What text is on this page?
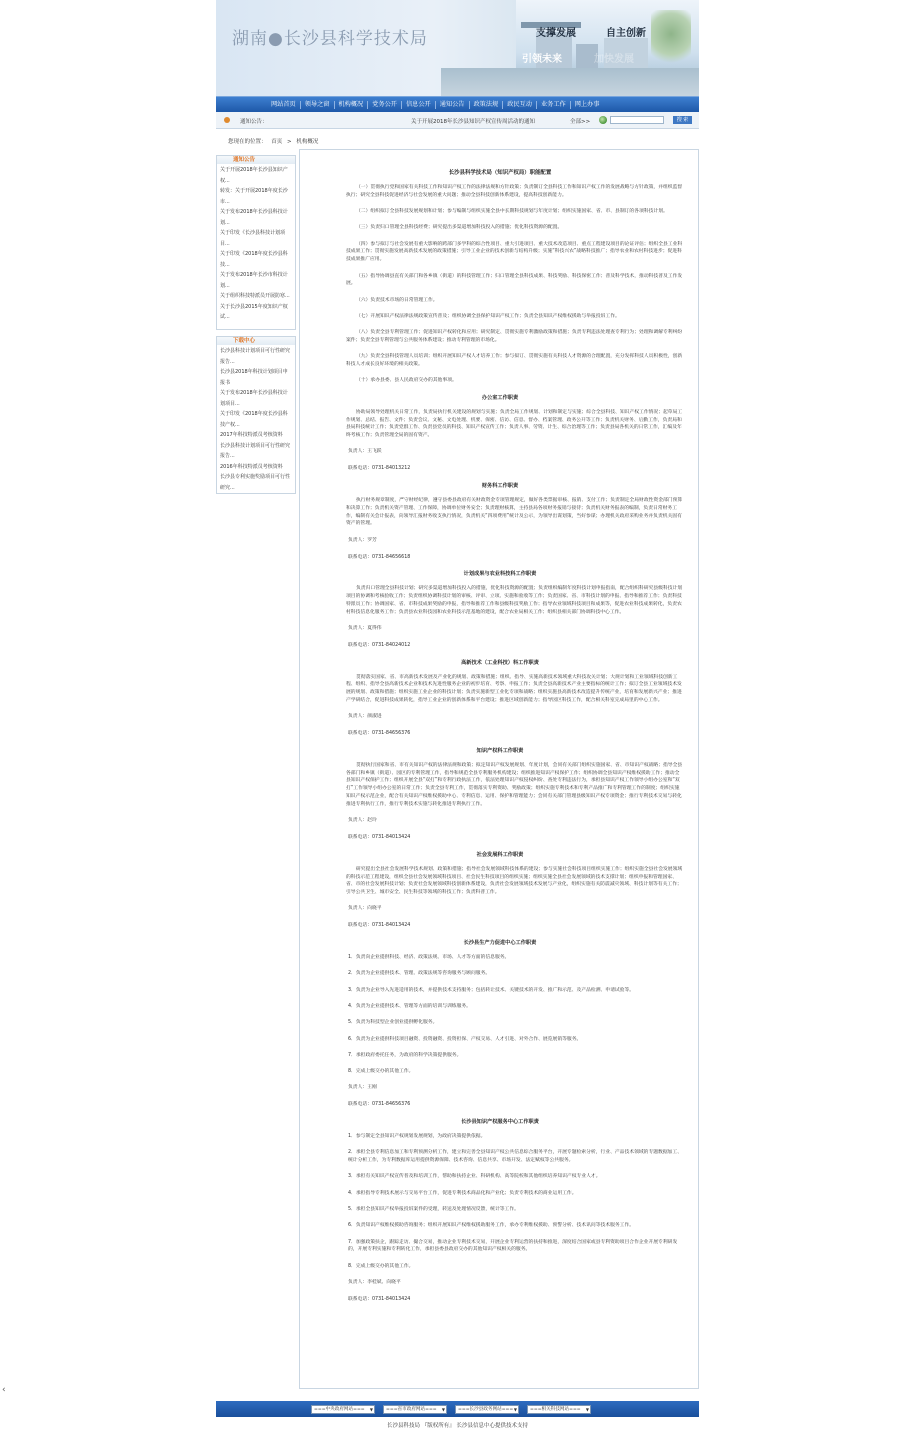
湖南●长沙县科学技术局	支撑发展	自主创新
引领未来	加快发展
网站首页	领导之窗	机构概况	党务公开	信息公开	通知公告	政策法规	政民互动	业务工作	网上办事
通知公告：	关于开展2018年长沙县知识产权宣传周活动的通知	全部>>	搜 索
您现在的位置： 首页 > 机构概况
通知公告
关于开展2018年长沙县知识产权...
转发：关于开展2018年度长沙市...
关于发布2018年长沙县科技计划...
关于印发《长沙县科技计划项目...
关于印发《2018年度长沙县科技...
关于发布2018年长沙市科技计划...
关于组织科技特派员开展防寒...
关于长沙县2015年度知识产权试...
下载中心
长沙县科技计划项目可行性研究报告...
长沙县2018年科技计划项目申报书
关于发布2018年长沙县科技计划项目...
关于印发《2018年度长沙县科技产权...
2017年科技特派员考核资料
长沙县科技计划项目可行性研究报告...
2016年科技特派员考核资料
长沙县专利实施奖励项目可行性研究...
长沙县科学技术局（知识产权局）职能配置

（一）贯彻执行党和国家有关科技工作和知识产权工作的法律法规和方针政策；负责制订全县科技工作和知识产权工作的发展战略与方针政策，并组织监督执行；研究全县科技促进经济与社会发展的重大问题；推动全县科技创新体系建设，提高科技创新能力。

（二）组织拟订全县科技发展规划和计划；参与编制与组织实施全县中长期科技规划与年度计划；组织实施国家、省、市、县制订的各项科技计划。

（三）负责归口管理全县科技经费；研究提出多渠道增加科技投入的措施；优化科技资源的配置。

（四）参与拟订与社会发展有重大影响的跨部门多学科的综合性项目、重大引进项目、重大技术改造项目、重点工程建设项目的论证评估；组织全县工业科技成果工作；贯彻实施发展高新技术发展的政策措施；引导工业企业的技术创新与结构升级；实施“科技兴农”战略科技推广；指导农业和农村科技进步；促进科技成果推广应用。

（五）指导协调县直有关部门和各乡镇（街道）的科技管理工作；归口管理全县科技成果、科技奖励、科技保密工作；普及科学技术，推动科技普及工作发展。

（六）负责技术市场的日常管理工作。

（七）开展知识产权法律法规政策宣传普及；组织协调全县保护知识产权工作；负责全县知识产权维权援助与举报投诉工作。

（八）负责全县专利管理工作；促进知识产权转化和应用；研究制定、贯彻实施专利激励政策和措施；负责专利违法处理查专利行为；处理和调解专利纠纷案件；负责全县专利管理与公共服务体系建设；推动专利管理的市场化。

（九）负责全县科技管理人员培训；组织开展知识产权人才培养工作；参与拟订、贯彻实施有关科技人才资源的合理配置，充分发挥科技人员积极性，创新科技人才成长良好环境的相关政策。

（十）承办县委、县人民政府交办的其他事项。

办公室工作职责

协助局领导处理机关日常工作，负责局执行机关建设的规划与实施；负责全局工作规划、计划和制定与实施；综合全县科技、知识产权工作情况；起草局工作规划、总结、报告、文件；负责会议、文秘、文电处理、机要、保密、信访、信息、督办、档案管理、政务公开等工作；负责机关财务、后勤工作，负责局和县局科技统计工作；负责党群工作、负责县党员的科技、知识产权宣传工作；负责人事、劳资、计生、综合治理等工作；负责县局各机关的日常工作，汇编及年终考核工作；负责管理全局的固有资产。

负责人：王飞跃

联系电话：0731-84013212

财务科工作职责

执行财务规章制度，严守财经纪律，遵守县委县政府有关财政资金专项管理规定，做好各类票据审核、报销、支付工作；负责制定全局财政性资金部门预算和决算工作；负责机关资产管理、工作保障，协调单位财务安全；负责理财核算，主持县局各项财务报销与接待；负责机关财务报表的编制，负责日常财务工作，编制有关会计报表，向领导汇报财务收支执行情况，负责机关“四项费用”统计及公示，为领导出谋划策，当好参谋；办理机关政府采购业务并负责机关固有资产的管理。

负责人：罗芳

联系电话：0731-84656618

计划成果与农业科技科工作职责

负责归口管理全县科技计划；研究多渠道增加科技投入的措施，优化科技资源的配置；负责组织编制年度科技计划申报指南，配合组织科研究县级科技计划项目的协调和考核验收工作；负责组织协调科技计划的审核、评审、立项、实施和验收等工作；负责国家、省、市科技计划的申报、指导和推荐工作；负责科技特派员工作；协调国家、省、市科技成果奖励的申报，指导和推荐工作和县级科技奖励工作；指导农业领域科技项目和成果等，促进农业科技成果转化，负责农村科技信息化服务工作；负责县农业科技园和农业科技示范基地的建设，配合农业局相关工作；组织县相关部门协调科技中心工作。

负责人：夏得伟

联系电话：0731-84024012

高新技术（工业科技）科工作职责

贯彻落实国家、省、市高新技术发展及产业化的规划、政策和措施；组织、指导、实施高新技术领域重大科技攻关计划；大规计划和工业领域科技创新工程、组织、指导全县高新技术企业和技术先进性服务企业的初步培育、考察、申报工作；负责全县高新技术产业主要指标的统计工作；拟订全县工业领域技术发展的规划、政策和措施；组织实施工业企业的科技计划；负责实施新型工业化专项和战略；组织实施县高新技术改造提升传统产业，培育和发展新兴产业；推进产学研结合，促进科技成果转化，指导工业企业的创新体系和平台建设；推进区域创新能力；指导园区科技工作，配合相关科室完成局里的中心工作。

负责人：颜淑进

联系电话：0731-84656376

知识产权科工作职责

贯彻执行国家和省、市有关知识产权的法律法规和政策；拟定知识产权发展规划、年度计划，会同有关部门组织实施国家、省、市知识产权战略；指导全县各部门和乡镇（街道）、园区的专利管理工作，指导和规范全县专利服务机构建设；组织推进知识产权保护工作；组织协调全县知识产权维权援助工作；推动全县知识产权保护工作；组织开展全县“双打”和专利行政执法工作，依法处理知识产权侵权纠纷、查处专利违法行为，承担县知识产权工作领导小组办公室和“双打”工作领导小组办公室的日常工作；负责全县专利工作，贯彻落实专利资助、奖励政策；组织实施专利技术和专利产品推广和专利管理工作的制度；组织实施知识产权示范企业，配合有关知识产权维权援助中心、专利信息、运用、保护和管理能力；会同有关部门管理县级知识产权专项资金；推行专利技术交易与转化推进专利执行工作，推行专利技术实施与转化推进专利执行工作。

负责人：赵玲

联系电话：0731-84013424

社会发展科工作职责

研究提出全县社会发展科学技术规划、政策和措施；指导社会发展领域科技体系的建设；参与实施社会科技项目组织实施工作；组织实施全县社会发展领域的科技示范工程建设，组织全县社会发展领域科技项目、社会民生科技项目的组织实施；组织实施全县社会发展领域的技术支撑计划；组织申报和管理国家、省、市的社会发展科技计划；负责社会发展领域科技创新体系建设，负责社会发展领域技术发展与产业化，组织实施有关防震减灾领域、科技计划等有关工作；引导公共卫生、城市安全、民生科技等领域的科技工作；负责科普工作。

负责人：向晓平

联系电话：0731-84013424

长沙县生产力促进中心工作职责

1．负责向企业提供科技、经济、政策法规、市场、人才等方面的信息服务。

2．负责为企业提供技术、管理、政策法规等咨询服务与顾问服务。

3．负责为企业导入先进适用的技术，并提供技术支持服务；包括转让技术、关键技术的开发、推广和示范、及产品检测、申请试验等。

4．负责为企业提供技术、管理等方面的培训与训练服务。

5．负责为科技型企业创业提供孵化服务。

6．负责为企业提供科技项目融资、投资融资、投资担保、产权交易、人才引进、对外合作、展览展销等服务。

7．承担政府委托任务，为政府的科学决策提供服务。

8．完成上级交办的其他工作。

负责人：王刚

联系电话：0731-84656376

长沙县知识产权服务中心工作职责

1．参与制定全县知识产权规划发展规划，为政府决策提供依据。

2．承担全县专利信息加工和专利预测分析工作，建立和完善全县知识产权公共信息综合服务平台，开展专题检索分析，行业、产品技术领域的专题数据加工、统计分析工作，为专利数据库运用提供资源保障、技术咨询、信息共享、市场开发、法定赋权等公共服务。

3．承担有关知识产权宣传普及和培训工作，帮助和扶持企业、科研机构、高等院校和其他组织培养知识产权专业人才。

4．承担指导专利技术展示与交易平台工作，促进专利技术商品化和产业化；负责专利技术的商业运用工作。

5．承担全县知识产权举报投诉案件的受理，转送及处理情况反馈，统计等工作。

6．负责知识产权维权援助咨询服务；组织开展知识产权维权援助服务工作，承办专利维权援助、预警分析、技术讯问等技术服务工作。

7．加强政策扶企，跟踪走访、撮合交易，推动企业专利技术交易，开展企业专利运营的扶持和推进，深度结合国家或县专利资助项目合作企业开展专利研发的，开展专利实施和专利转化工作，承担县委县政府交办的其他知识产权相关的服务。

8．完成上级交办的其他工作。

负责人：李桂斌、向晓平

联系电话：0731-84013424

===中央政府网站=== ▼	===省市政府网站=== ▼	===长沙县政务网站=== ▼	===相关科技网站=== ▼
长沙县科技局 『版权所有』 长沙县信息中心提供技术支持
‹
